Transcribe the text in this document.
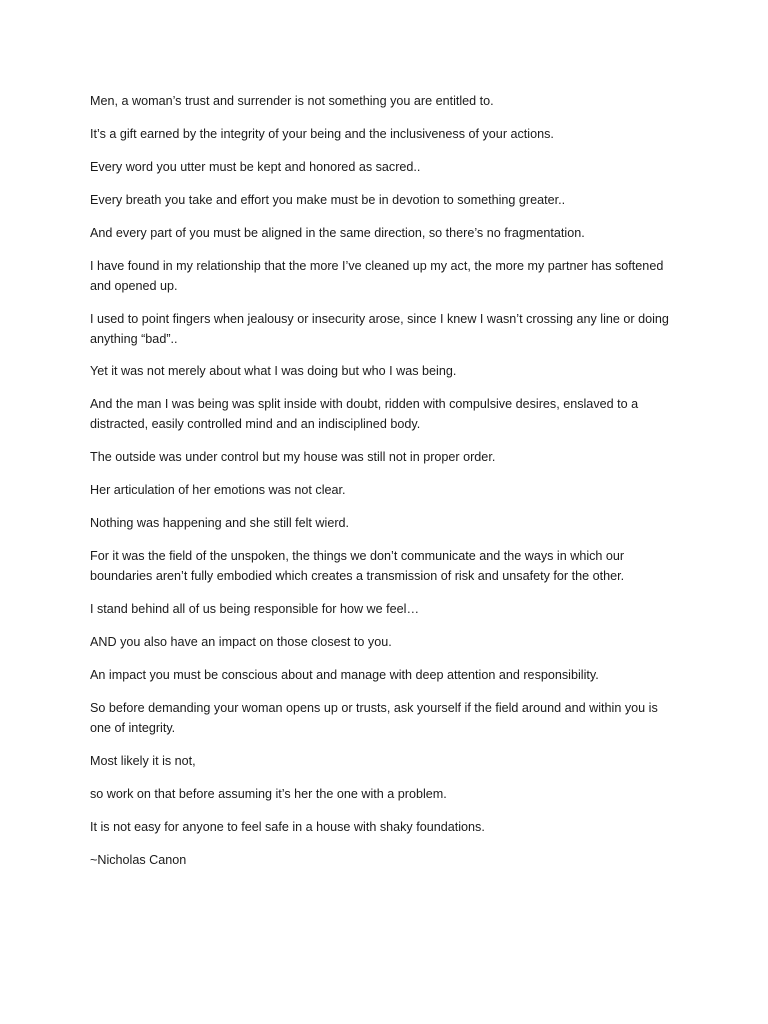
Men, a woman’s trust and surrender is not something you are entitled to.

It’s a gift earned by the integrity of your being and the inclusiveness of your actions.

Every word you utter must be kept and honored as sacred..

Every breath you take and effort you make must be in devotion to something greater..

And every part of you must be aligned in the same direction, so there’s no fragmentation.

I have found in my relationship that the more I’ve cleaned up my act, the more my partner has softened and opened up.

I used to point fingers when jealousy or insecurity arose, since I knew I wasn’t crossing any line or doing anything “bad”..

Yet it was not merely about what I was doing but who I was being.

And the man I was being was split inside with doubt, ridden with compulsive desires, enslaved to a distracted, easily controlled mind and an indisciplined body.

The outside was under control but my house was still not in proper order.

Her articulation of her emotions was not clear.

Nothing was happening and she still felt wierd.

For it was the field of the unspoken, the things we don’t communicate and the ways in which our boundaries aren’t fully embodied which creates a transmission of risk and unsafety for the other.

I stand behind all of us being responsible for how we feel…

AND you also have an impact on those closest to you.

An impact you must be conscious about and manage with deep attention and responsibility.

So before demanding your woman opens up or trusts, ask yourself if the field around and within you is one of integrity.

Most likely it is not,

so work on that before assuming it’s her the one with a problem.

It is not easy for anyone to feel safe in a house with shaky foundations.

~Nicholas Canon
